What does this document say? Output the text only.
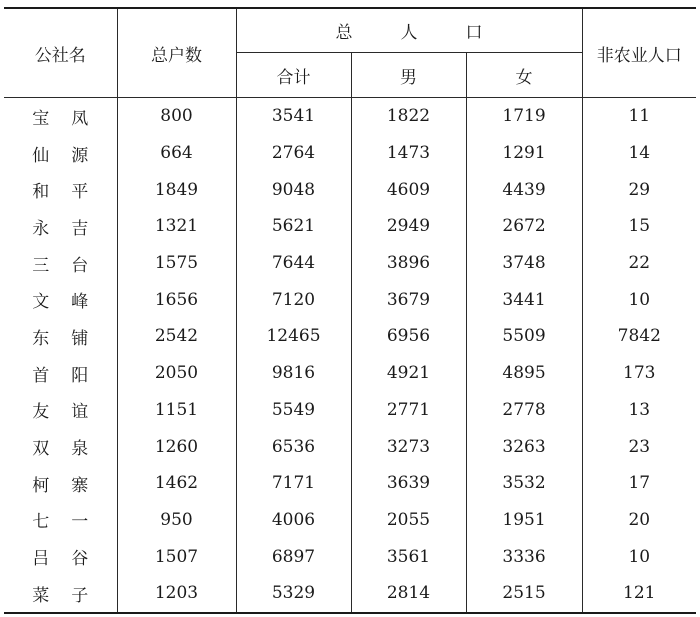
公社名	总户数	总 人 口			非农业人口
		合计	男	女	
宝 凤	800	3541	1822	1719	11
仙 源	664	2764	1473	1291	14
和 平	1849	9048	4609	4439	29
永 吉	1321	5621	2949	2672	15
三 台	1575	7644	3896	3748	22
文 峰	1656	7120	3679	3441	10
东 铺	2542	12465	6956	5509	7842
首 阳	2050	9816	4921	4895	173
友 谊	1151	5549	2771	2778	13
双 泉	1260	6536	3273	3263	23
柯 寨	1462	7171	3639	3532	17
七 一	950	4006	2055	1951	20
吕 谷	1507	6897	3561	3336	10
菜 子	1203	5329	2814	2515	121
